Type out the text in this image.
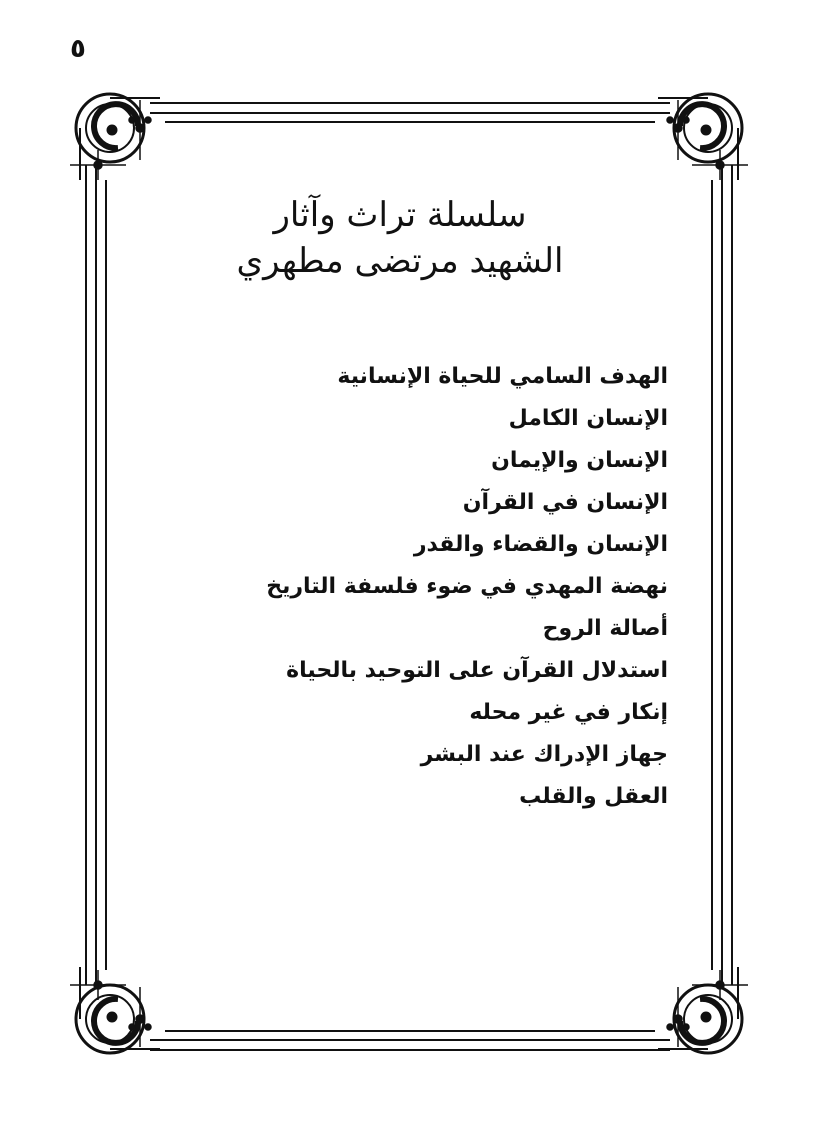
٥
سلسلة تراث وآثار
الشهيد مرتضى مطهري
الهدف السامي للحياة الإنسانية
الإنسان الكامل
الإنسان والإيمان
الإنسان في القرآن
الإنسان والقضاء والقدر
نهضة المهدي في ضوء فلسفة التاريخ
أصالة الروح
استدلال القرآن على التوحيد بالحياة
إنكار في غير محله
جهاز الإدراك عند البشر
العقل والقلب
